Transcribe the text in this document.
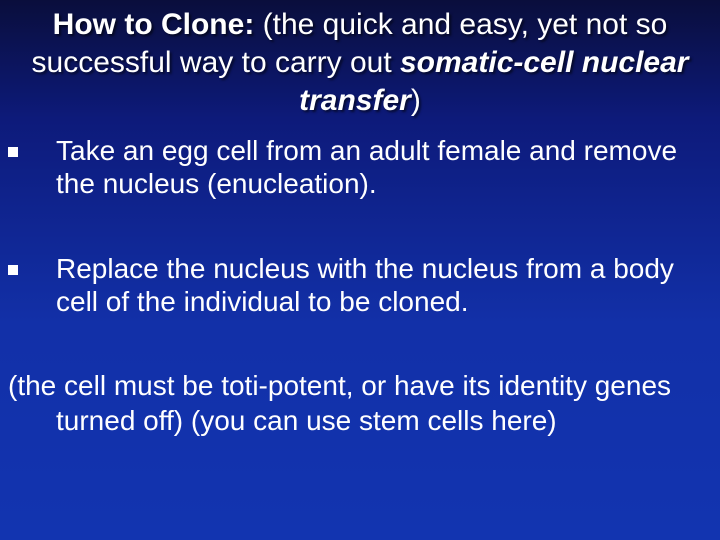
How to Clone: (the quick and easy, yet not so successful way to carry out somatic-cell nuclear transfer)
Take an egg cell from an adult female and remove the nucleus (enucleation).
Replace the nucleus with the nucleus from a body cell of the individual to be cloned.
(the cell must be toti-potent, or have its identity genes turned off) (you can use stem cells here)
